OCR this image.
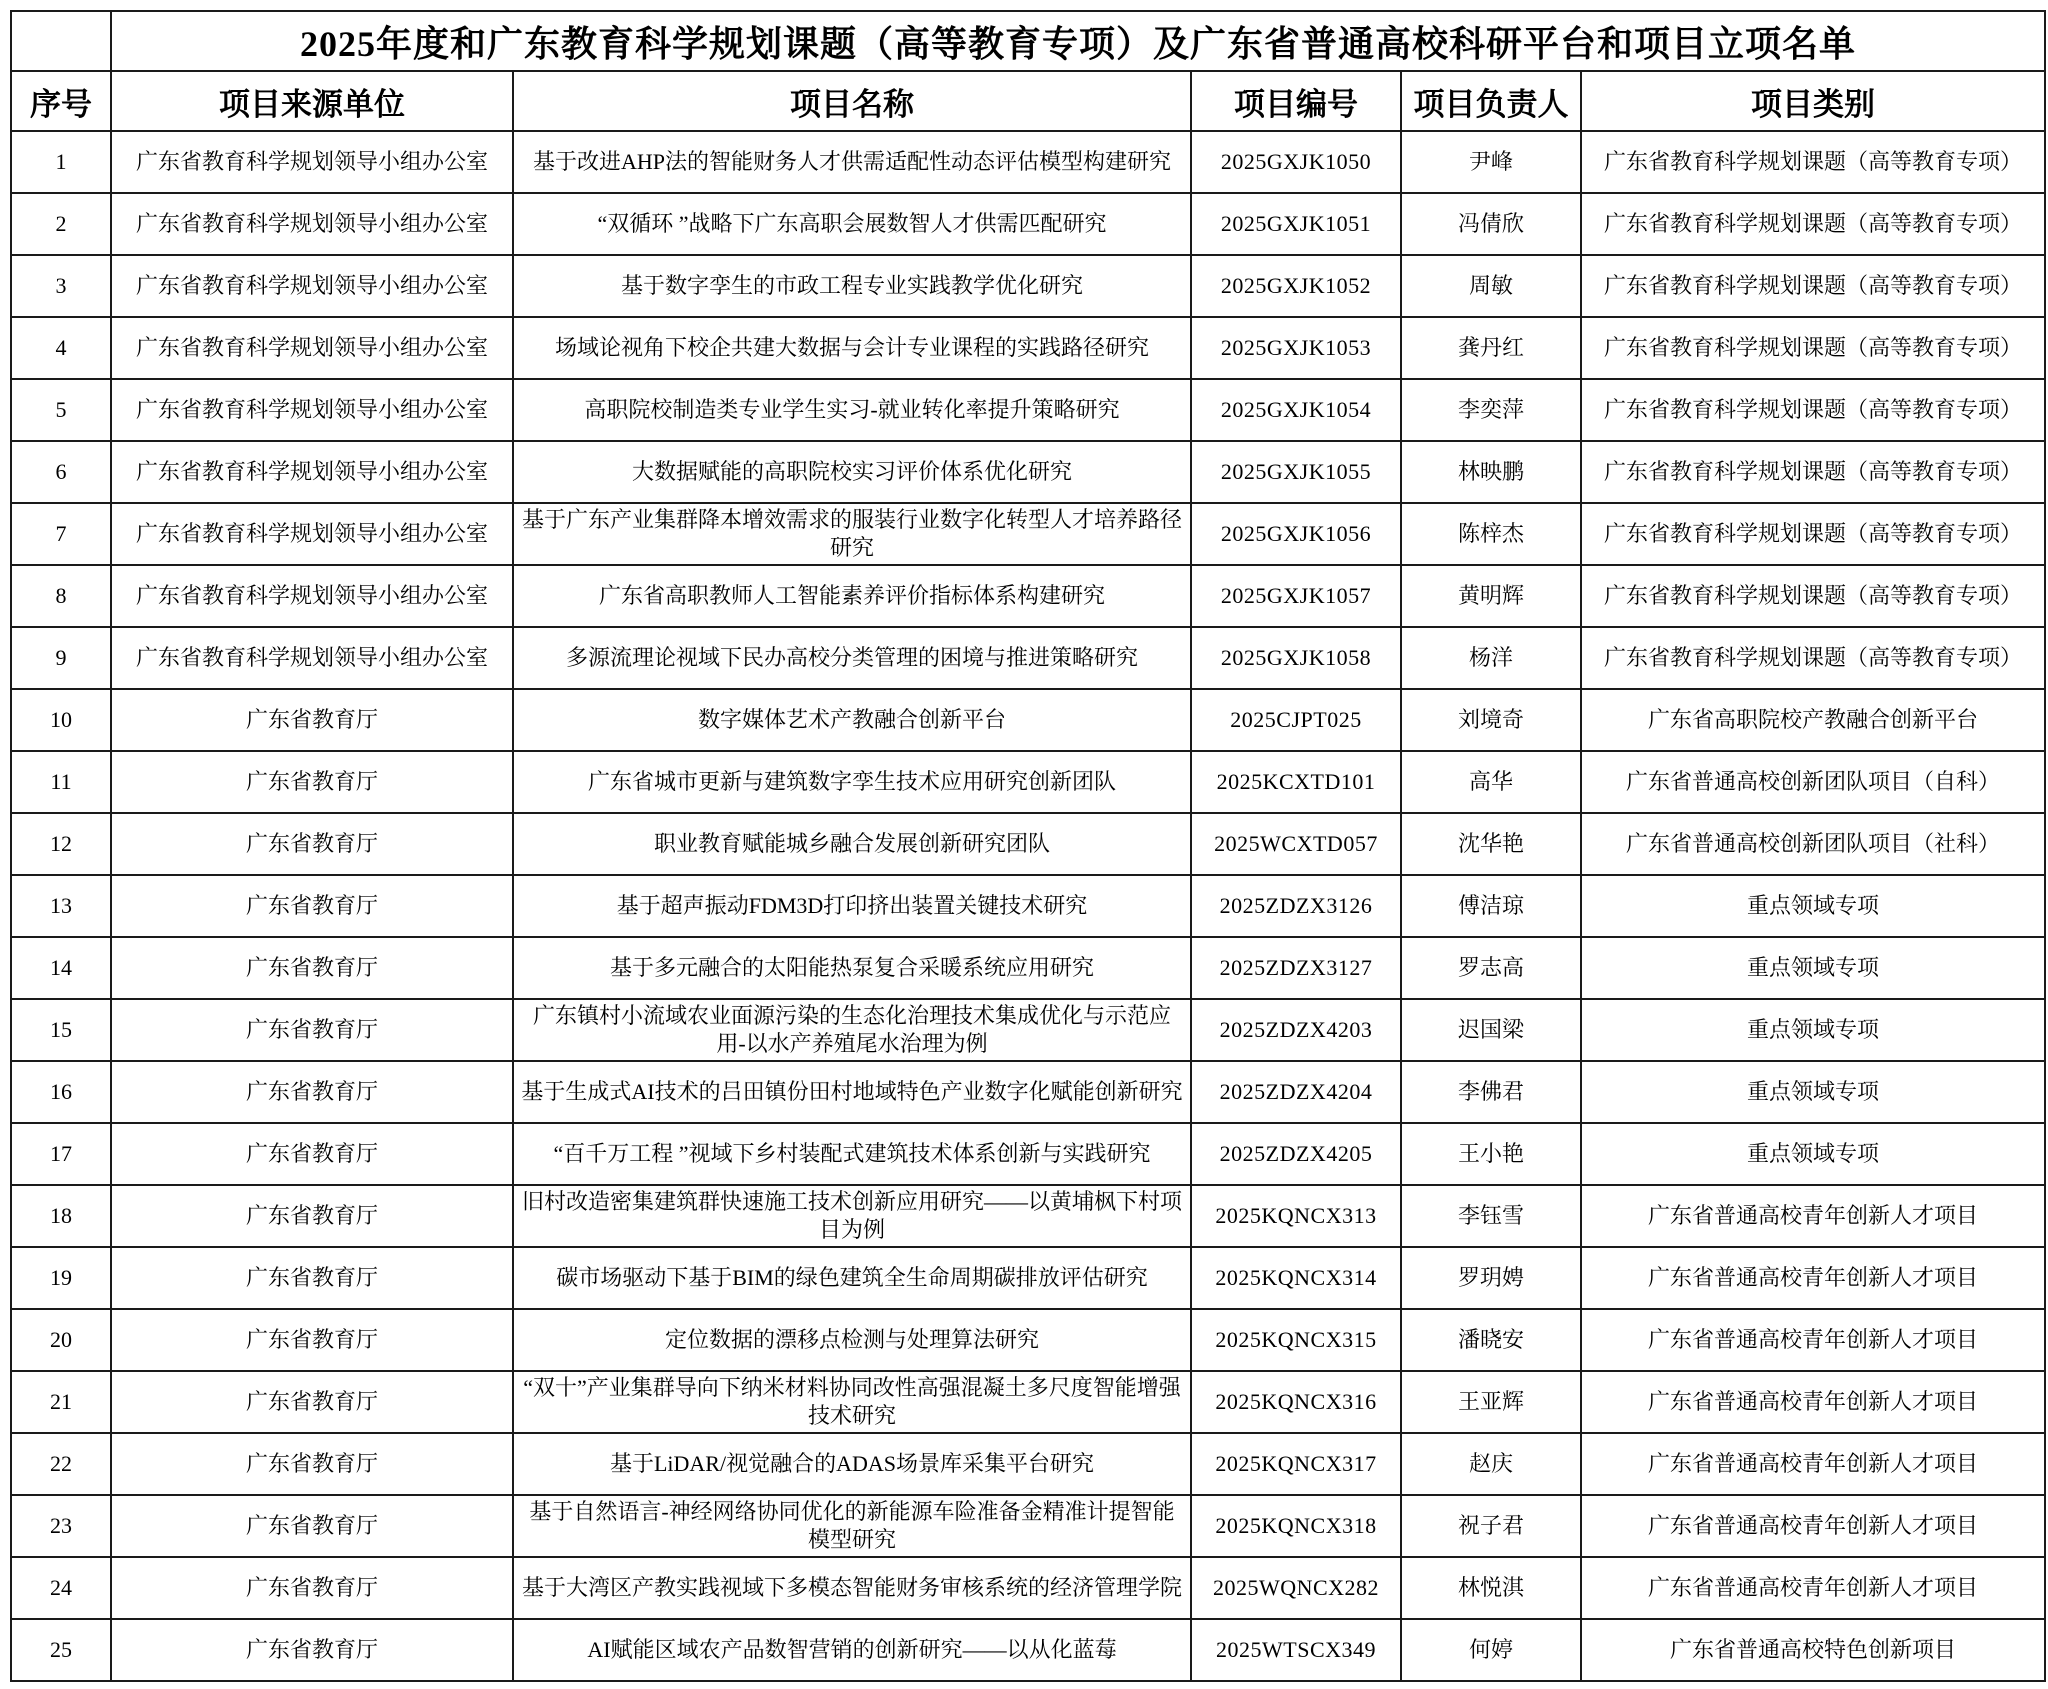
	2025年度和广东教育科学规划课题（高等教育专项）及广东省普通高校科研平台和项目立项名单				
序号	项目来源单位	项目名称	项目编号	项目负责人	项目类别
1	广东省教育科学规划领导小组办公室	基于改进AHP法的智能财务人才供需适配性动态评估模型构建研究	2025GXJK1050	尹峰	广东省教育科学规划课题（高等教育专项）
2	广东省教育科学规划领导小组办公室	“双循环 ”战略下广东高职会展数智人才供需匹配研究	2025GXJK1051	冯倩欣	广东省教育科学规划课题（高等教育专项）
3	广东省教育科学规划领导小组办公室	基于数字孪生的市政工程专业实践教学优化研究	2025GXJK1052	周敏	广东省教育科学规划课题（高等教育专项）
4	广东省教育科学规划领导小组办公室	场域论视角下校企共建大数据与会计专业课程的实践路径研究	2025GXJK1053	龚丹红	广东省教育科学规划课题（高等教育专项）
5	广东省教育科学规划领导小组办公室	高职院校制造类专业学生实习-就业转化率提升策略研究	2025GXJK1054	李奕萍	广东省教育科学规划课题（高等教育专项）
6	广东省教育科学规划领导小组办公室	大数据赋能的高职院校实习评价体系优化研究	2025GXJK1055	林映鹏	广东省教育科学规划课题（高等教育专项）
7	广东省教育科学规划领导小组办公室	基于广东产业集群降本增效需求的服装行业数字化转型人才培养路径研究	2025GXJK1056	陈梓杰	广东省教育科学规划课题（高等教育专项）
8	广东省教育科学规划领导小组办公室	广东省高职教师人工智能素养评价指标体系构建研究	2025GXJK1057	黄明辉	广东省教育科学规划课题（高等教育专项）
9	广东省教育科学规划领导小组办公室	多源流理论视域下民办高校分类管理的困境与推进策略研究	2025GXJK1058	杨洋	广东省教育科学规划课题（高等教育专项）
10	广东省教育厅	数字媒体艺术产教融合创新平台	2025CJPT025	刘境奇	广东省高职院校产教融合创新平台
11	广东省教育厅	广东省城市更新与建筑数字孪生技术应用研究创新团队	2025KCXTD101	高华	广东省普通高校创新团队项目（自科）
12	广东省教育厅	职业教育赋能城乡融合发展创新研究团队	2025WCXTD057	沈华艳	广东省普通高校创新团队项目（社科）
13	广东省教育厅	基于超声振动FDM3D打印挤出装置关键技术研究	2025ZDZX3126	傅洁琼	重点领域专项
14	广东省教育厅	基于多元融合的太阳能热泵复合采暖系统应用研究	2025ZDZX3127	罗志高	重点领域专项
15	广东省教育厅	广东镇村小流域农业面源污染的生态化治理技术集成优化与示范应用-以水产养殖尾水治理为例	2025ZDZX4203	迟国梁	重点领域专项
16	广东省教育厅	基于生成式AI技术的吕田镇份田村地域特色产业数字化赋能创新研究	2025ZDZX4204	李佛君	重点领域专项
17	广东省教育厅	“百千万工程 ”视域下乡村装配式建筑技术体系创新与实践研究	2025ZDZX4205	王小艳	重点领域专项
18	广东省教育厅	旧村改造密集建筑群快速施工技术创新应用研究——以黄埔枫下村项目为例	2025KQNCX313	李钰雪	广东省普通高校青年创新人才项目
19	广东省教育厅	碳市场驱动下基于BIM的绿色建筑全生命周期碳排放评估研究	2025KQNCX314	罗玥娉	广东省普通高校青年创新人才项目
20	广东省教育厅	定位数据的漂移点检测与处理算法研究	2025KQNCX315	潘晓安	广东省普通高校青年创新人才项目
21	广东省教育厅	“双十”产业集群导向下纳米材料协同改性高强混凝土多尺度智能增强技术研究	2025KQNCX316	王亚辉	广东省普通高校青年创新人才项目
22	广东省教育厅	基于LiDAR/视觉融合的ADAS场景库采集平台研究	2025KQNCX317	赵庆	广东省普通高校青年创新人才项目
23	广东省教育厅	基于自然语言-神经网络协同优化的新能源车险准备金精准计提智能模型研究	2025KQNCX318	祝子君	广东省普通高校青年创新人才项目
24	广东省教育厅	基于大湾区产教实践视域下多模态智能财务审核系统的经济管理学院	2025WQNCX282	林悦淇	广东省普通高校青年创新人才项目
25	广东省教育厅	AI赋能区域农产品数智营销的创新研究——以从化蓝莓	2025WTSCX349	何婷	广东省普通高校特色创新项目
